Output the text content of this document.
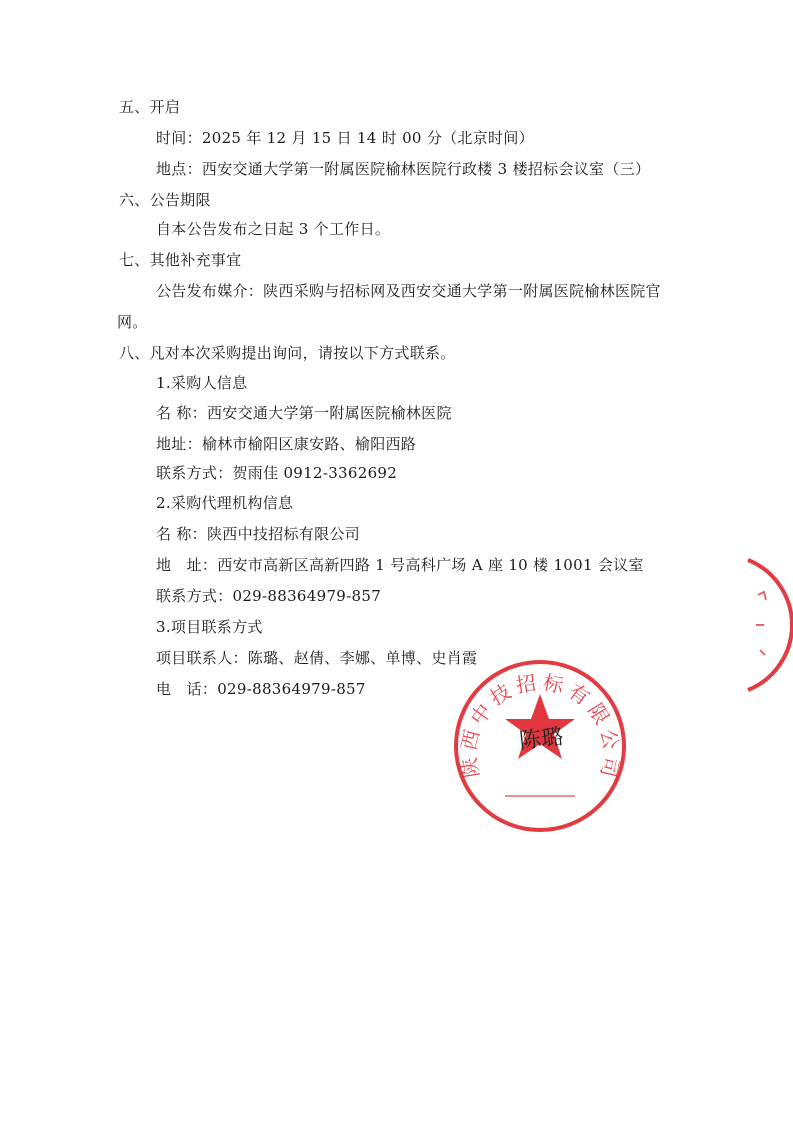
五、开启
时间：2025 年 12 月 15 日 14 时 00 分（北京时间）
地点：西安交通大学第一附属医院榆林医院行政楼 3 楼招标会议室（三）
六、公告期限
自本公告发布之日起 3 个工作日。
七、其他补充事宜
公告发布媒介：陕西采购与招标网及西安交通大学第一附属医院榆林医院官
网。
八、凡对本次采购提出询问，请按以下方式联系。
1.采购人信息
名 称：西安交通大学第一附属医院榆林医院
地址：榆林市榆阳区康安路、榆阳西路
联系方式：贺雨佳 0912-3362692
2.采购代理机构信息
名 称：陕西中技招标有限公司
地　址：西安市高新区高新四路 1 号高科广场 A 座 10 楼 1001 会议室
联系方式：029-88364979-857
3.项目联系方式
项目联系人：陈璐、赵倩、李娜、单博、史肖霞
电　话：029-88364979-857
陕西中技招标有限公司
陈璐
